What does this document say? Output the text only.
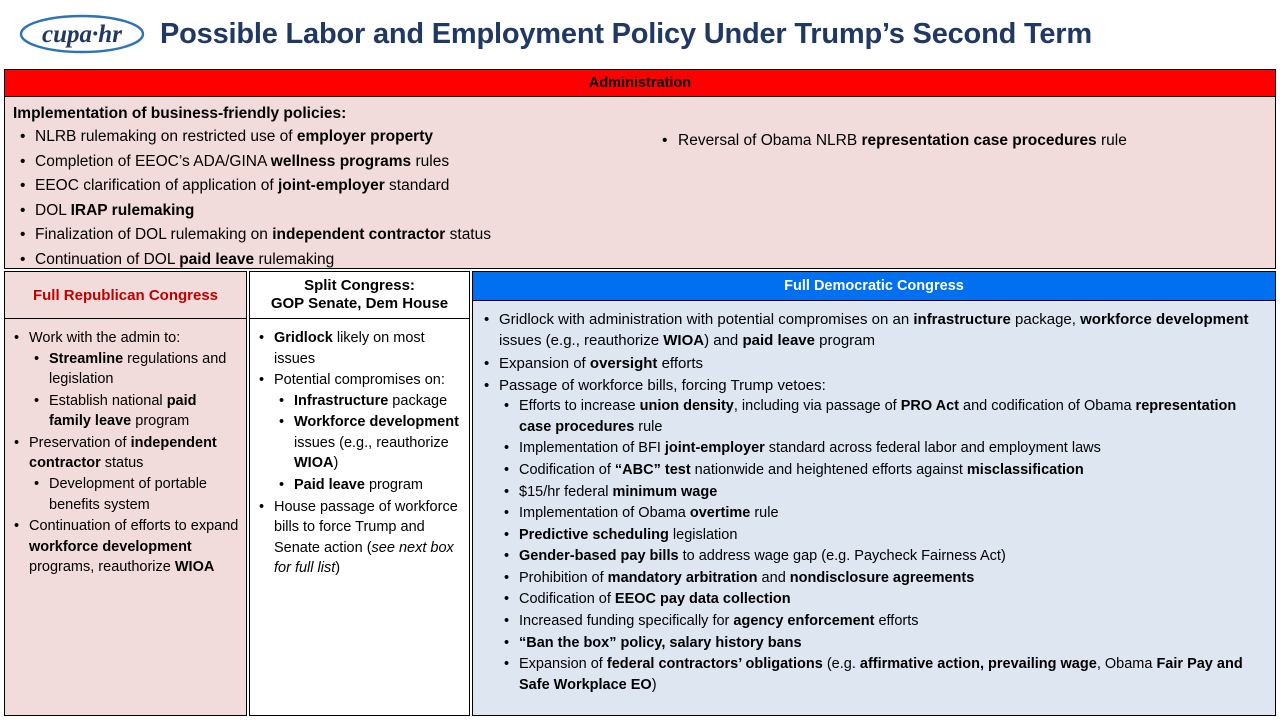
cupa·hr Possible Labor and Employment Policy Under Trump’s Second Term
Administration
Implementation of business-friendly policies:
• NLRB rulemaking on restricted use of employer property
• Completion of EEOC’s ADA/GINA wellness programs rules
• EEOC clarification of application of joint-employer standard
• DOL IRAP rulemaking
• Finalization of DOL rulemaking on independent contractor status
• Continuation of DOL paid leave rulemaking
• Reversal of Obama NLRB representation case procedures rule
Full Republican Congress
• Work with the admin to:
• Streamline regulations and legislation
• Establish national paid family leave program
• Preservation of independent contractor status
• Development of portable benefits system
• Continuation of efforts to expand workforce development programs, reauthorize WIOA
Split Congress:
GOP Senate, Dem House
• Gridlock likely on most issues
• Potential compromises on:
• Infrastructure package
• Workforce development issues (e.g., reauthorize WIOA)
• Paid leave program
• House passage of workforce bills to force Trump and Senate action (see next box for full list)
Full Democratic Congress
• Gridlock with administration with potential compromises on an infrastructure package, workforce development issues (e.g., reauthorize WIOA) and paid leave program
• Expansion of oversight efforts
• Passage of workforce bills, forcing Trump vetoes:
• Efforts to increase union density, including via passage of PRO Act and codification of Obama representation case procedures rule
• Implementation of BFI joint-employer standard across federal labor and employment laws
• Codification of “ABC” test nationwide and heightened efforts against misclassification
• $15/hr federal minimum wage
• Implementation of Obama overtime rule
• Predictive scheduling legislation
• Gender-based pay bills to address wage gap (e.g. Paycheck Fairness Act)
• Prohibition of mandatory arbitration and nondisclosure agreements
• Codification of EEOC pay data collection
• Increased funding specifically for agency enforcement efforts
• “Ban the box” policy, salary history bans
• Expansion of federal contractors’ obligations (e.g. affirmative action, prevailing wage, Obama Fair Pay and Safe Workplace EO)
